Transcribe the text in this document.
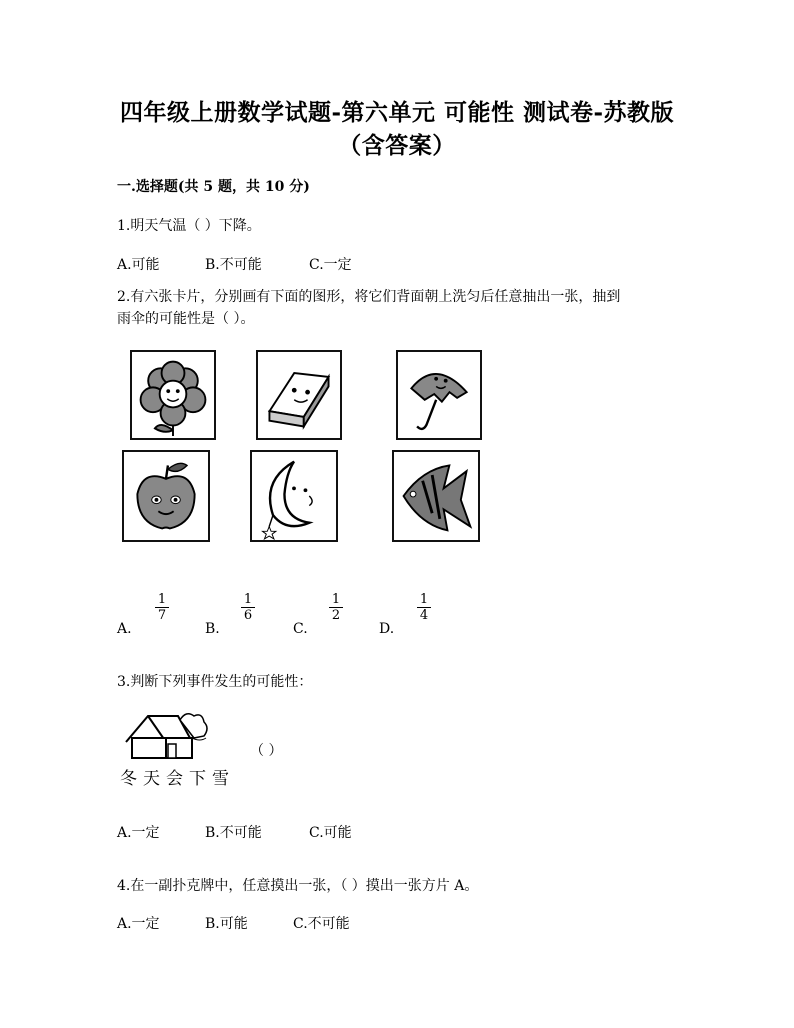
四年级上册数学试题-第六单元 可能性 测试卷-苏教版
（含答案）
一.选择题(共 5 题，共 10 分)
1.明天气温（ ）下降。
A.可能	B.不可能	C.一定
2.有六张卡片，分别画有下面的图形，将它们背面朝上洗匀后任意抽出一张，抽到
雨伞的可能性是（ ）。
A.
$\frac{1}{7}$
B.
$\frac{1}{6}$
C.
$\frac{1}{2}$
D.
$\frac{1}{4}$
3.判断下列事件发生的可能性：
（ ）
冬天会下雪
A.一定	B.不可能	C.可能
4.在一副扑克牌中，任意摸出一张，（ ）摸出一张方片 A。
A.一定	B.可能	C.不可能
